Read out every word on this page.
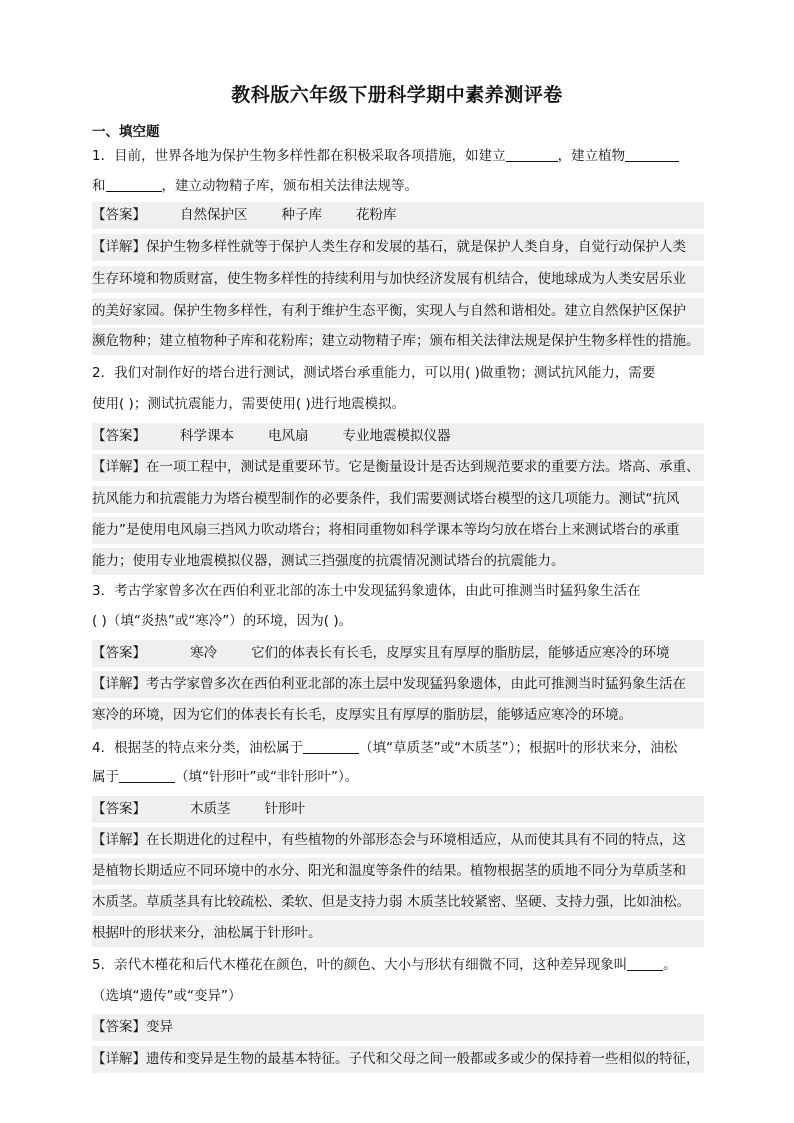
教科版六年级下册科学期中素养测评卷
一、填空题
1．目前，世界各地为保护生物多样性都在积极采取各项措施，如建立	，建立植物
和	，建立动物精子库，颁布相关法律法规等。
【答案】	自然保护区	种子库	花粉库
【详解】保护生物多样性就等于保护人类生存和发展的基石，就是保护人类自身，自觉行动保护人类
生存环境和物质财富，使生物多样性的持续利用与加快经济发展有机结合，使地球成为人类安居乐业
的美好家园。保护生物多样性，有利于维护生态平衡，实现人与自然和谐相处。建立自然保护区保护
濒危物种；建立植物种子库和花粉库；建立动物精子库；颁布相关法律法规是保护生物多样性的措施。
2．我们对制作好的塔台进行测试，测试塔台承重能力，可以用( )做重物；测试抗风能力，需要
使用( )；测试抗震能力，需要使用( )进行地震模拟。
【答案】	科学课本	电风扇	专业地震模拟仪器
【详解】在一项工程中，测试是重要环节。它是衡量设计是否达到规范要求的重要方法。塔高、承重、
抗风能力和抗震能力为塔台模型制作的必要条件，我们需要测试塔台模型的这几项能力。测试“抗风
能力”是使用电风扇三挡风力吹动塔台；将相同重物如科学课本等均匀放在塔台上来测试塔台的承重
能力；使用专业地震模拟仪器，测试三挡强度的抗震情况测试塔台的抗震能力。
3．考古学家曾多次在西伯利亚北部的冻土中发现猛犸象遗体，由此可推测当时猛犸象生活在
( )（填“炎热”或“寒冷”）的环境，因为( )。
【答案】	寒冷	它们的体表长有长毛，皮厚实且有厚厚的脂肪层，能够适应寒冷的环境
【详解】考古学家曾多次在西伯利亚北部的冻土层中发现猛犸象遗体，由此可推测当时猛犸象生活在
寒冷的环境，因为它们的体表长有长毛，皮厚实且有厚厚的脂肪层，能够适应寒冷的环境。
4．根据茎的特点来分类，油松属于	（填“草质茎”或“木质茎”）；根据叶的形状来分，油松
属于	（填“针形叶”或“非针形叶”）。
【答案】	木质茎	针形叶
【详解】在长期进化的过程中，有些植物的外部形态会与环境相适应，从而使其具有不同的特点，这
是植物长期适应不同环境中的水分、阳光和温度等条件的结果。植物根据茎的质地不同分为草质茎和
木质茎。草质茎具有比较疏松、柔软、但是支持力弱 木质茎比较紧密、坚硬、支持力强，比如油松。
根据叶的形状来分，油松属于针形叶。
5．亲代木槿花和后代木槿花在颜色，叶的颜色、大小与形状有细微不同，这种差异现象叫	。
（选填“遗传”或“变异”）
【答案】变异
【详解】遗传和变异是生物的最基本特征。子代和父母之间一般都或多或少的保持着一些相似的特征，
